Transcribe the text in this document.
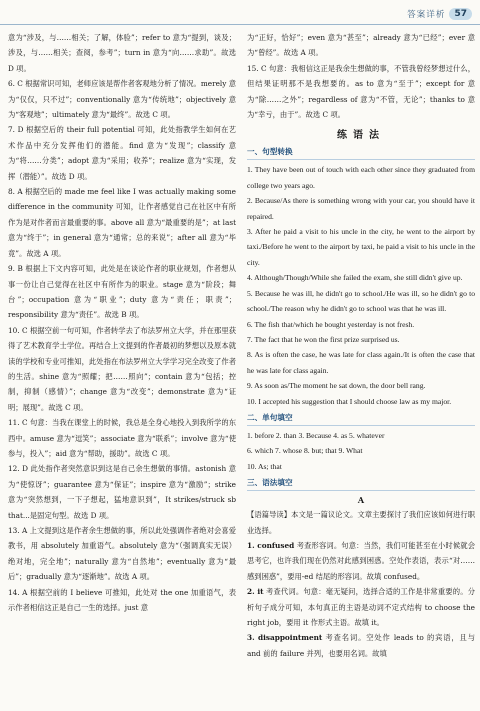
答案详析	57

意为“涉及，与……相关；了解，体验”；refer to 意为“提到，谈及；涉及，与……相关；查阅，参考”；turn in 意为“向……求助”。故选 D 项。

6. C 根据常识可知，老师应该是帮作者客观地分析了情况。merely 意为“仅仅，只不过”；conventionally 意为“传统地”；objectively 意为“客观地”；ultimately 意为“最终”。故选 C 项。

7. D 根据空后的 their full potential 可知，此处指教学生如何在艺术作品中充分发挥他们的潜能。find 意为“发现”；classify 意为“将……分类”；adopt 意为“采用；收养”；realize 意为“实现，发挥（潜能）”。故选 D 项。

8. A 根据空后的 made me feel like I was actually making some difference in the community 可知，让作者感觉自己在社区中有所作为是对作者而言最重要的事。above all 意为“最重要的是”；at last 意为“终于”；in general 意为“通常；总的来说”；after all 意为“毕竟”。故选 A 项。

9. B 根据上下文内容可知，此处是在谈论作者的职业规划，作者想从事一份让自己觉得在社区中有所作为的职业。stage 意为“阶段；舞台”；occupation 意为“职业”；duty 意为“责任；职责”；responsibility 意为“责任”。故选 B 项。

10. C 根据空前一句可知，作者转学去了布法罗州立大学，并在那里获得了艺术教育学士学位。再结合上文提到的作者最初的梦想以及原本就读的学校和专业可推知，此处指在布法罗州立大学学习完全改变了作者的生活。shine 意为“照耀；把……照向”；contain 意为“包括；控制，抑制（感情）”；change 意为“改变”；demonstrate 意为“证明；展现”。故选 C 项。

11. C 句意：当我在课堂上的时候，我总是全身心地投入到我所学的东西中。amuse 意为“逗笑”；associate 意为“联系”；involve 意为“使参与，投入”；aid 意为“帮助，援助”。故选 C 项。

12. D 此处指作者突然意识到这是自己余生想做的事情。astonish 意为“使惊讶”；guarantee 意为“保证”；inspire 意为“激励”；strike 意为“突然想到，一下子想起，猛地意识到”，It strikes/struck sb that...是固定句型。故选 D 项。

13. A 上文提到这是作者余生想做的事，所以此处强调作者绝对会喜爱教书，用 absolutely 加重语气。absolutely 意为“（强调真实无误）绝对地，完全地”；naturally 意为“自然地”；eventually 意为“最后”；gradually 意为“逐渐地”。故选 A 项。

14. A 根据空前的 I believe 可推知，此处对 the one 加重语气，表示作者相信这正是自己一生的选择。just 意

为“正好，恰好”；even 意为“甚至”；already 意为“已经”；ever 意为“曾经”。故选 A 项。

15. C 句意：我相信这正是我余生想做的事，不管我曾经梦想过什么，但结果证明那不是我想要的。as to 意为“至于”；except for 意为“除……之外”；regardless of 意为“不管，无论”；thanks to 意为“幸亏，由于”。故选 C 项。

练语法
一、句型转换

1. They have been out of touch with each other since they graduated from college two years ago.

2. Because/As there is something wrong with your car, you should have it repaired.

3. After he paid a visit to his uncle in the city, he went to the airport by taxi./Before he went to the airport by taxi, he paid a visit to his uncle in the city.

4. Although/Though/While she failed the exam, she still didn't give up.

5. Because he was ill, he didn't go to school./He was ill, so he didn't go to school./The reason why he didn't go to school was that he was ill.

6. The fish that/which he bought yesterday is not fresh.

7. The fact that he won the first prize surprised us.

8. As is often the case, he was late for class again./It is often the case that he was late for class again.

9. As soon as/The moment he sat down, the door bell rang.

10. I accepted his suggestion that I should choose law as my major.

二、单句填空

1. before 2. than 3. Because 4. as 5. whatever

6. which 7. whose 8. but; that 9. What

10. As; that

三、语法填空
A

【语篇导读】本文是一篇议论文。文章主要探讨了我们应该如何进行职业选择。

1. confused 考查形容词。句意：当然，我们可能甚至在小时候就会思考它，也许我们现在仍然对此感到困惑。空处作表语，表示“对……感到困惑”，要用-ed 结尾的形容词。故填 confused。

2. it 考查代词。句意：毫无疑问，选择合适的工作是非常重要的。分析句子成分可知，本句真正的主语是动词不定式结构 to choose the right job，要用 it 作形式主语。故填 it。

3. disappointment 考查名词。空处作 leads to 的宾语，且与 and 前的 failure 并列，也要用名词。故填
